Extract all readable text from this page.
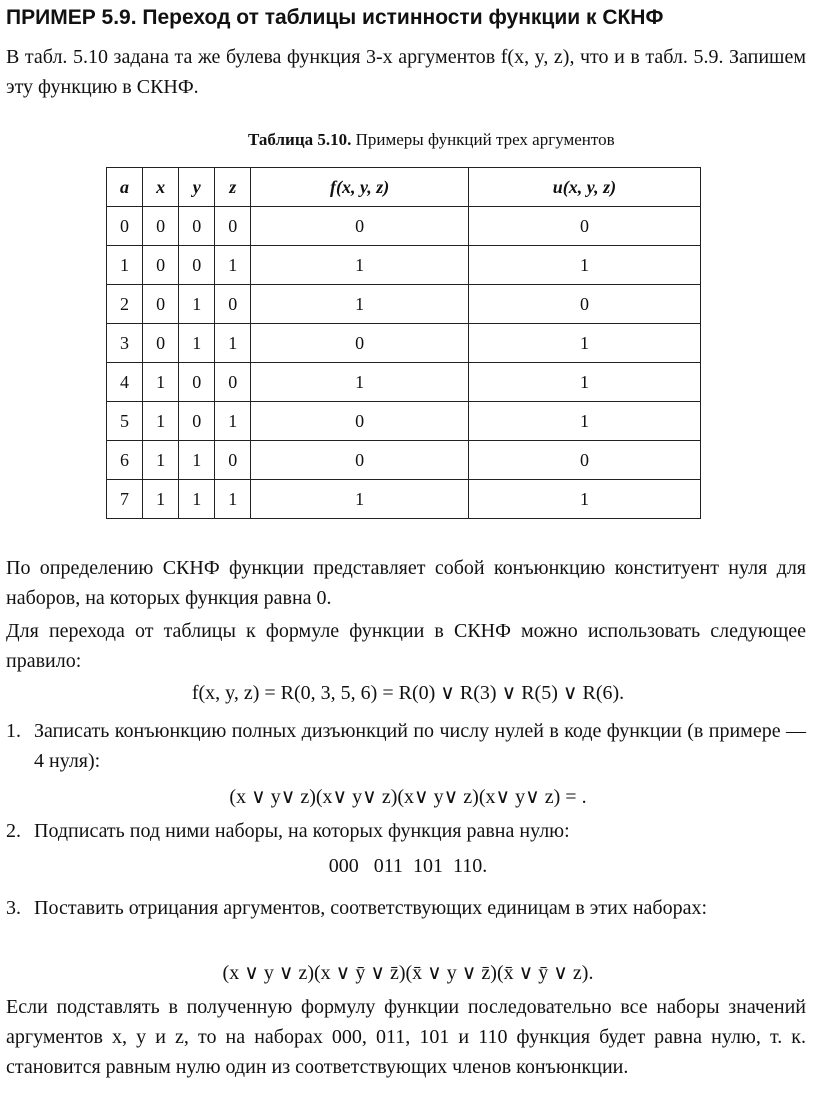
ПРИМЕР 5.9. Переход от таблицы истинности функции к СКНФ
В табл. 5.10 задана та же булева функция 3-х аргументов f(x, y, z), что и в табл. 5.9. Запишем эту функцию в СКНФ.
Таблица 5.10. Примеры функций трех аргументов
a	x	y	z	f(x, y, z)	u(x, y, z)
0	0	0	0	0	0
1	0	0	1	1	1
2	0	1	0	1	0
3	0	1	1	0	1
4	1	0	0	1	1
5	1	0	1	0	1
6	1	1	0	0	0
7	1	1	1	1	1
По определению СКНФ функции представляет собой конъюнкцию конституент нуля для наборов, на которых функция равна 0.
Для перехода от таблицы к формуле функции в СКНФ можно использовать следующее правило:
f(x, y, z) = R(0, 3, 5, 6) = R(0) ∨ R(3) ∨ R(5) ∨ R(6).
1. Записать конъюнкцию полных дизъюнкций по числу нулей в коде функции (в примере — 4 нуля):
(x ∨ y∨ z)(x∨ y∨ z)(x∨ y∨ z)(x∨ y∨ z) = .
2. Подписать под ними наборы, на которых функция равна нулю:
000   011  101  110.
3. Поставить отрицания аргументов, соответствующих единицам в этих наборах:
(x ∨ y ∨ z)(x ∨ ȳ ∨ z̄)(x̄ ∨ y ∨ z̄)(x̄ ∨ ȳ ∨ z).
Если подставлять в полученную формулу функции последовательно все наборы значений аргументов x, y и z, то на наборах 000, 011, 101 и 110 функция будет равна нулю, т. к. становится равным нулю один из соответствующих членов конъюнкции.
